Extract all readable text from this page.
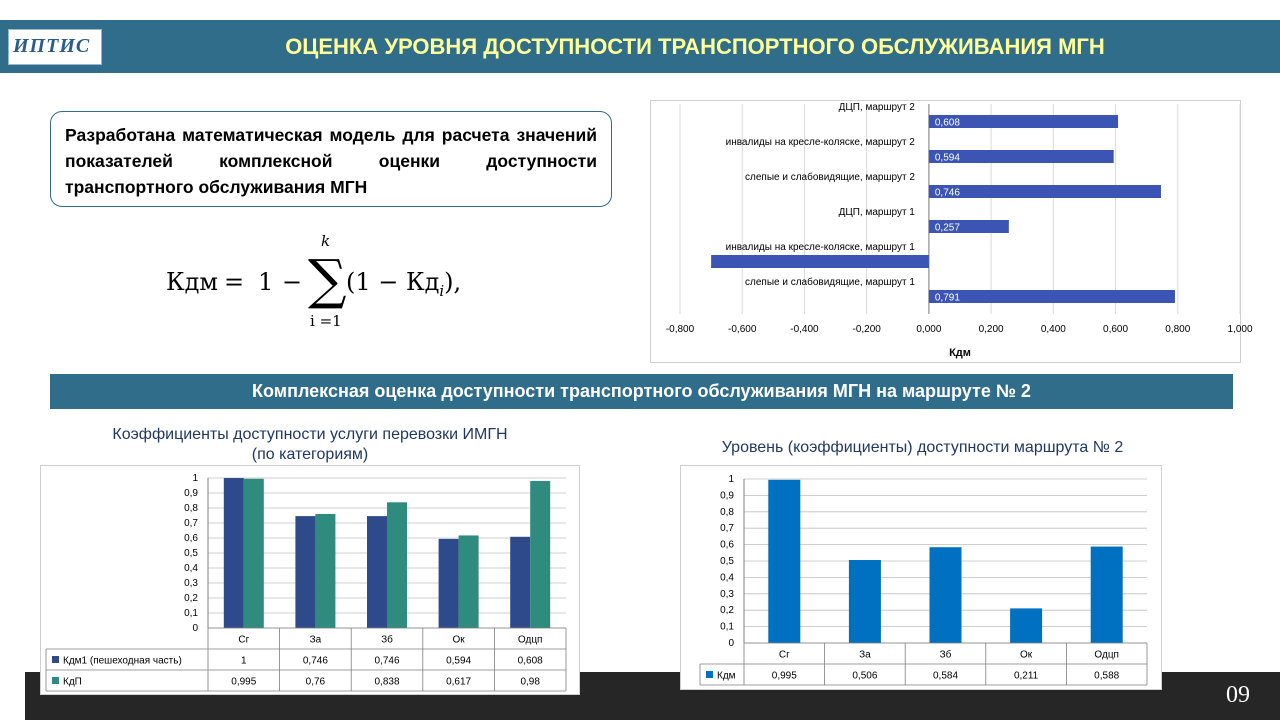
ИПТИС	ОЦЕНКА УРОВНЯ ДОСТУПНОСТИ ТРАНСПОРТНОГО ОБСЛУЖИВАНИЯ МГН
Разработана математическая модель для расчета значений показателей комплексной оценки доступности транспортного обслуживания МГН
Кдм = 1 − ∑
k
i =1
$(1 - Кд_i)$,
-0,800	-0,600	-0,400	-0,200	0,000	0,200	0,400	0,600	0,800	1,000
слепые и слабовидящие, маршрут 1
0,791
инвалиды на кресле-коляске, маршрут 1
ДЦП, маршрут 1
0,257
слепые и слабовидящие, маршрут 2
0,746
инвалиды на кресле-коляске, маршрут 2
0,594
ДЦП, маршрут 2
0,608
Кдм
Комплексная оценка доступности транспортного обслуживания МГН на маршруте № 2
09
Коэффициенты доступности услуги перевозки ИМГН
(по категориям)
0
0,1
0,2
0,3
0,4
0,5
0,6
0,7
0,8
0,9
1
Сг	За	Зб	Ок	Одцп
Кдм1 (пешеходная часть)	1	0,746	0,746	0,594	0,608
КдП	0,995	0,76	0,838	0,617	0,98
Уровень (коэффициенты) доступности маршрута № 2
0
0,1
0,2
0,3
0,4
0,5
0,6
0,7
0,8
0,9
1
Сг	За	Зб	Ок	Одцп
Кдм	0,995	0,506	0,584	0,211	0,588
